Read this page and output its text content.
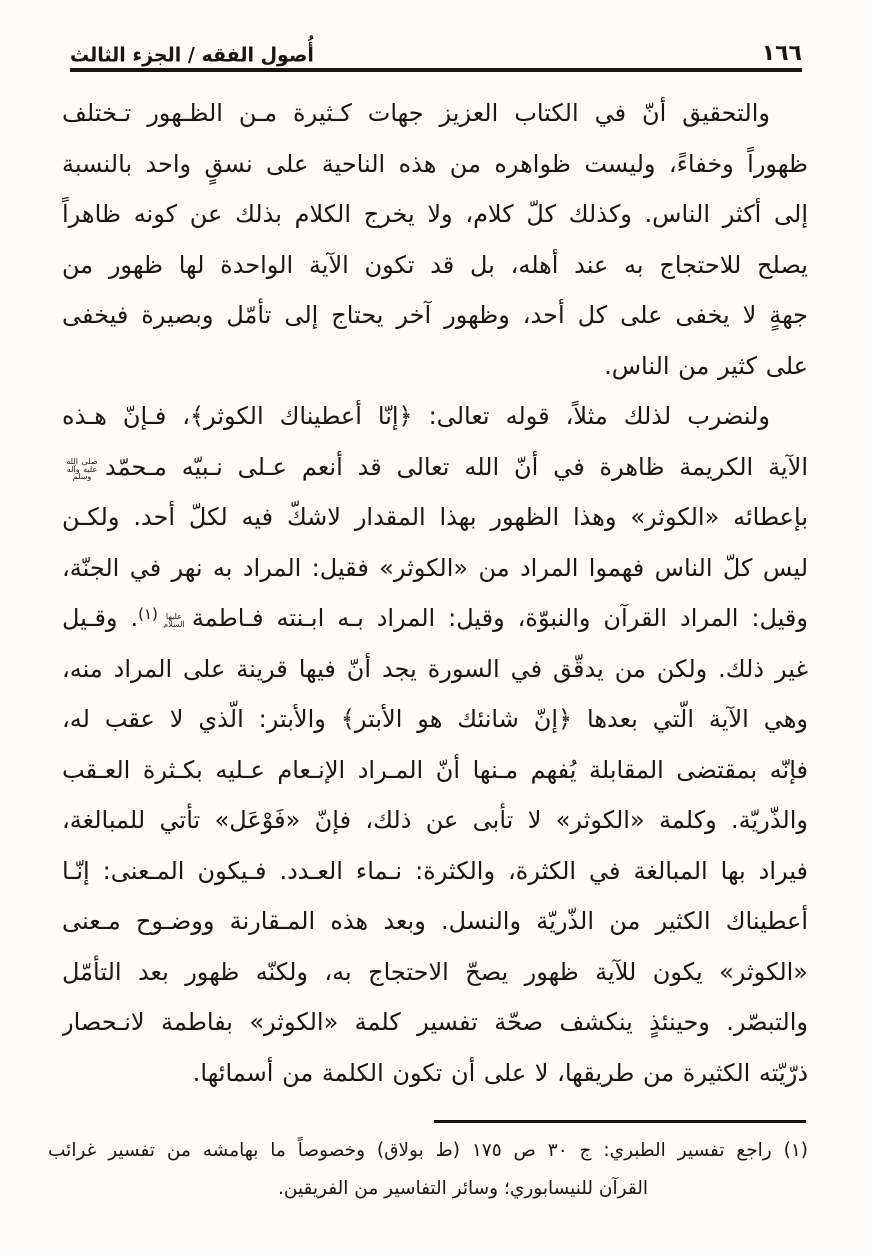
١٦٦
أُصول الفقه / الجزء الثالث
والتحقيق أنّ في الكتاب العزيز جهات كـثيرة مـن الظـهور تـختلف
ظهوراً وخفاءً، وليست ظواهره من هذه الناحية على نسقٍ واحد بالنسبة
إلى أكثر الناس. وكذلك كلّ كلام، ولا يخرج الكلام بذلك عن كونه ظاهراً
يصلح للاحتجاج به عند أهله، بل قد تكون الآية الواحدة لها ظهور من
جهةٍ لا يخفى على كل أحد، وظهور آخر يحتاج إلى تأمّل وبصيرة فيخفى
على كثير من الناس.
ولنضرب لذلك مثلاً، قوله تعالى: ﴿إنّا أعطيناك الكوثر﴾، فـإنّ هـذه
الآية الكريمة ظاهرة في أنّ الله تعالى قد أنعم عـلى نـبيّه مـحمّدصلى الله عليه وآله وسلم
بإعطائه «الكوثر» وهذا الظهور بهذا المقدار لاشكّ فيه لكلّ أحد. ولكـن
ليس كلّ الناس فهموا المراد من «الكوثر» فقيل: المراد به نهر في الجنّة،
وقيل: المراد القرآن والنبوّة، وقيل: المراد بـه ابـنته فـاطمةعليها السلام$^{(١)}$. وقـيل
غير ذلك. ولكن من يدقّق في السورة يجد أنّ فيها قرينة على المراد منه،
وهي الآية الّتي بعدها ﴿إنّ شانئك هو الأبتر﴾ والأبتر: الّذي لا عقب له،
فإنّه بمقتضى المقابلة يُفهم مـنها أنّ المـراد الإنـعام عـليه بكـثرة العـقب
والذّريّة. وكلمة «الكوثر» لا تأبى عن ذلك، فإنّ «فَوْعَل» تأتي للمبالغة،
فيراد بها المبالغة في الكثرة، والكثرة: نـماء العـدد. فـيكون المـعنى: إنّـا
أعطيناك الكثير من الذّريّة والنسل. وبعد هذه المـقارنة ووضـوح مـعنى
«الكوثر» يكون للآية ظهور يصحّ الاحتجاج به، ولكنّه ظهور بعد التأمّل
والتبصّر. وحينئذٍ ينكشف صحّة تفسير كلمة «الكوثر» بفاطمة لانـحصار
ذرّيّته الكثيرة من طريقها، لا على أن تكون الكلمة من أسمائها.
(١) راجع تفسير الطبري: ج ٣٠ ص ١٧٥ (ط بولاق) وخصوصاً ما بهامشه من تفسير غرائب
القرآن للنيسابوري؛ وسائر التفاسير من الفريقين.
